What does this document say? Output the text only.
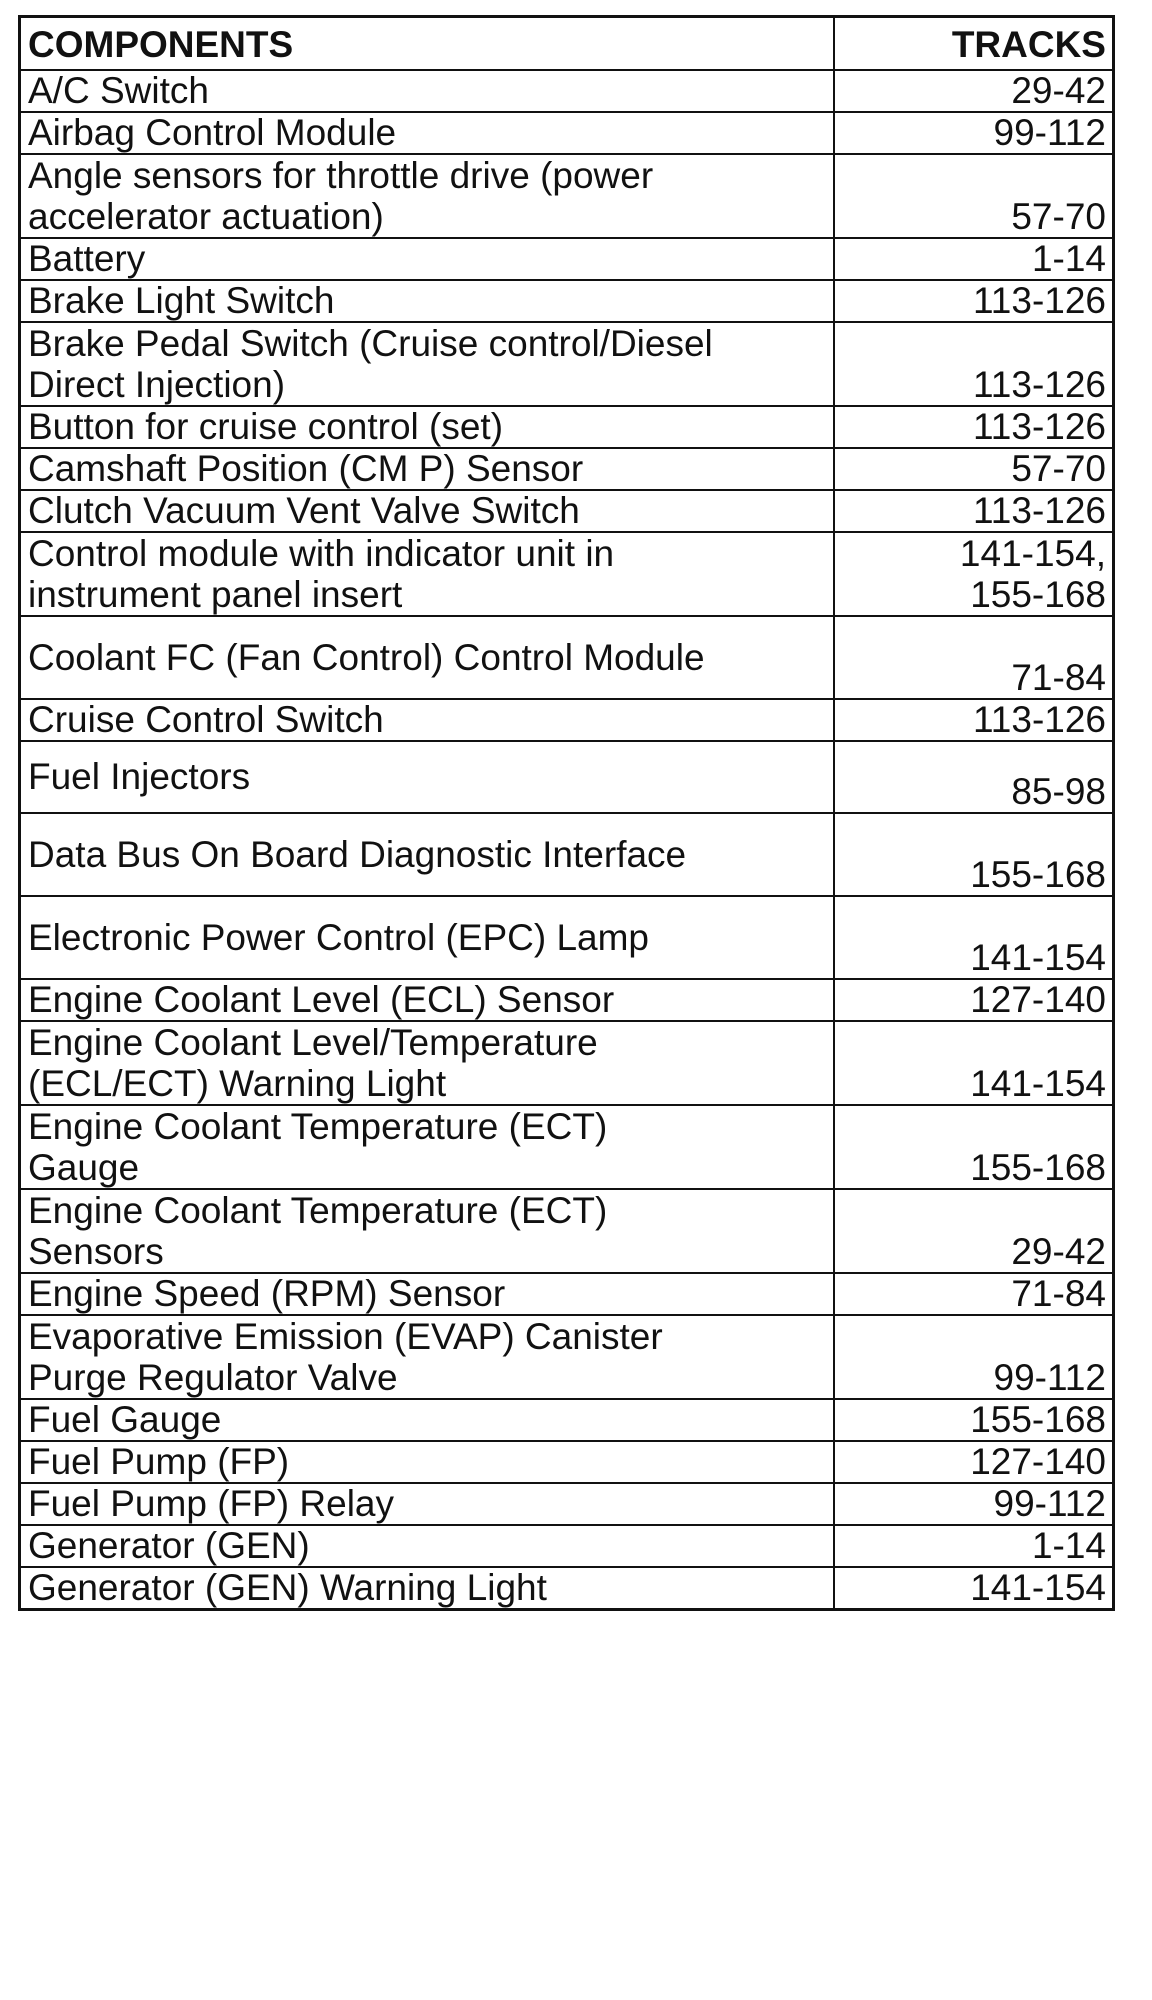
COMPONENTS	TRACKS
A/C Switch	29-42
Airbag Control Module	99-112
Angle sensors for throttle drive (power
accelerator actuation)	57-70
Battery	1-14
Brake Light Switch	113-126
Brake Pedal Switch (Cruise control/Diesel
Direct Injection)	113-126
Button for cruise control (set)	113-126
Camshaft Position (CM P) Sensor	57-70
Clutch Vacuum Vent Valve Switch	113-126
Control module with indicator unit in
instrument panel insert	141-154,
155-168
Coolant FC (Fan Control) Control Module	71-84
Cruise Control Switch	113-126
Fuel Injectors	85-98
Data Bus On Board Diagnostic Interface	155-168
Electronic Power Control (EPC) Lamp	141-154
Engine Coolant Level (ECL) Sensor	127-140
Engine Coolant Level/Temperature
(ECL/ECT) Warning Light	141-154
Engine Coolant Temperature (ECT)
Gauge	155-168
Engine Coolant Temperature (ECT)
Sensors	29-42
Engine Speed (RPM) Sensor	71-84
Evaporative Emission (EVAP) Canister
Purge Regulator Valve	99-112
Fuel Gauge	155-168
Fuel Pump (FP)	127-140
Fuel Pump (FP) Relay	99-112
Generator (GEN)	1-14
Generator (GEN) Warning Light	141-154
